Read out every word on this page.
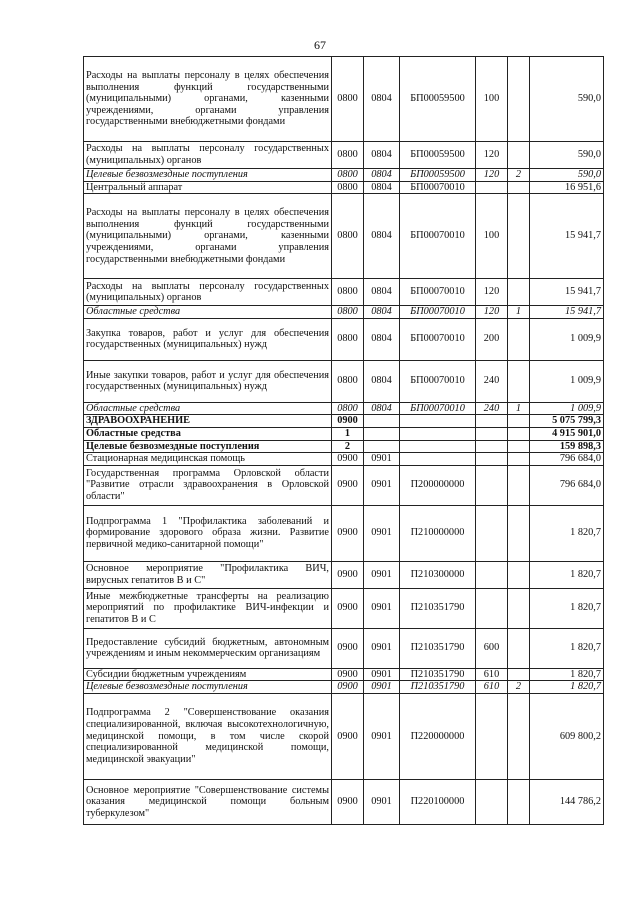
67
Расходы на выплаты персоналу в целях обеспечения выполнения функций государственными (муниципальными) органами, казенными учреждениями, органами управления государственными внебюджетными фондами	0800	0804	БП00059500	100		590,0
Расходы на выплаты персоналу государственных (муниципальных) органов	0800	0804	БП00059500	120		590,0
Целевые безвозмездные поступления	0800	0804	БП00059500	120	2	590,0
Центральный аппарат	0800	0804	БП00070010			16 951,6
Расходы на выплаты персоналу в целях обеспечения выполнения функций государственными (муниципальными) органами, казенными учреждениями, органами управления государственными внебюджетными фондами	0800	0804	БП00070010	100		15 941,7
Расходы на выплаты персоналу государственных (муниципальных) органов	0800	0804	БП00070010	120		15 941,7
Областные средства	0800	0804	БП00070010	120	1	15 941,7
Закупка товаров, работ и услуг для обеспечения государственных (муниципальных) нужд	0800	0804	БП00070010	200		1 009,9
Иные закупки товаров, работ и услуг для обеспечения государственных (муниципальных) нужд	0800	0804	БП00070010	240		1 009,9
Областные средства	0800	0804	БП00070010	240	1	1 009,9
ЗДРАВООХРАНЕНИЕ	0900					5 075 799,3
Областные средства	1					4 915 901,0
Целевые безвозмездные поступления	2					159 898,3
Стационарная медицинская помощь	0900	0901				796 684,0
Государственная программа Орловской области "Развитие отрасли здравоохранения в Орловской области"	0900	0901	П200000000			796 684,0
Подпрограмма 1 "Профилактика заболеваний и формирование здорового образа жизни. Развитие первичной медико-санитарной помощи"	0900	0901	П210000000			1 820,7
Основное мероприятие "Профилактика ВИЧ, вирусных гепатитов В и С"	0900	0901	П210300000			1 820,7
Иные межбюджетные трансферты на реализацию мероприятий по профилактике ВИЧ-инфекции и гепатитов В и С	0900	0901	П210351790			1 820,7
Предоставление субсидий бюджетным, автономным учреждениям и иным некоммерческим организациям	0900	0901	П210351790	600		1 820,7
Субсидии бюджетным учреждениям	0900	0901	П210351790	610		1 820,7
Целевые безвозмездные поступления	0900	0901	П210351790	610	2	1 820,7
Подпрограмма 2 "Совершенствование оказания специализированной, включая высокотехнологичную, медицинской помощи, в том числе скорой специализированной медицинской помощи, медицинской эвакуации"	0900	0901	П220000000			609 800,2
Основное мероприятие "Совершенствование системы оказания медицинской помощи больным туберкулезом"	0900	0901	П220100000			144 786,2
